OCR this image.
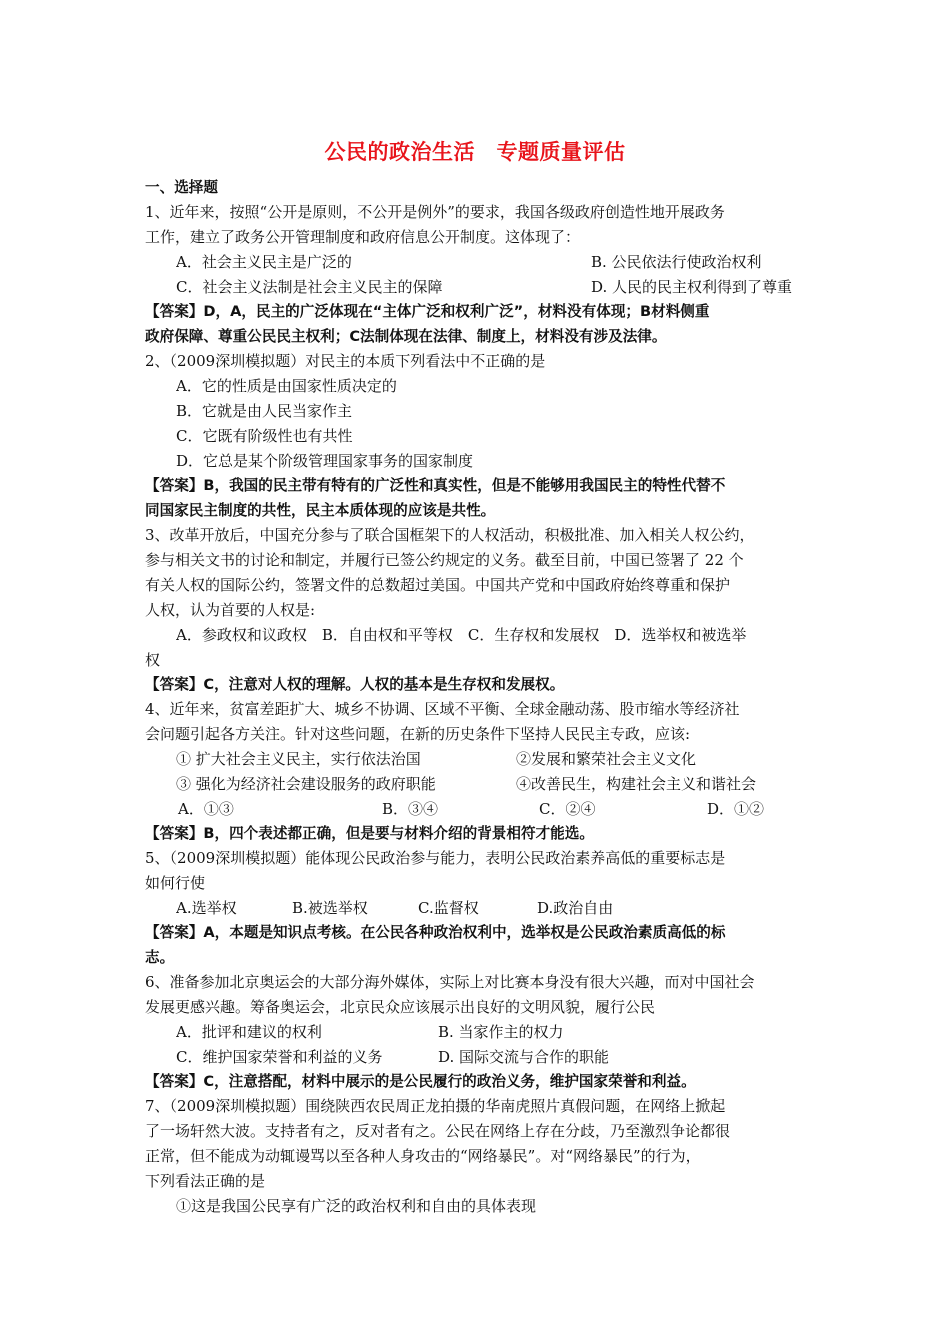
公民的政治生活　专题质量评估
一、选择题
1、近年来，按照“公开是原则，不公开是例外”的要求，我国各级政府创造性地开展政务
工作，建立了政务公开管理制度和政府信息公开制度。这体现了：
A．社会主义民主是广泛的	B. 公民依法行使政治权利
C．社会主义法制是社会主义民主的保障	D. 人民的民主权利得到了尊重
【答案】D，A，民主的广泛体现在“主体广泛和权利广泛”，材料没有体现；B材料侧重
政府保障、尊重公民民主权利；C法制体现在法律、制度上，材料没有涉及法律。
2、（2009深圳模拟题）对民主的本质下列看法中不正确的是
A．它的性质是由国家性质决定的
B．它就是由人民当家作主
C．它既有阶级性也有共性
D．它总是某个阶级管理国家事务的国家制度
【答案】B，我国的民主带有特有的广泛性和真实性，但是不能够用我国民主的特性代替不
同国家民主制度的共性，民主本质体现的应该是共性。
3、改革开放后，中国充分参与了联合国框架下的人权活动，积极批准、加入相关人权公约，
参与相关文书的讨论和制定，并履行已签公约规定的义务。截至目前，中国已签署了 22 个
有关人权的国际公约，签署文件的总数超过美国。中国共产党和中国政府始终尊重和保护
人权，认为首要的人权是:
A．参政权和议政权　B．自由权和平等权　C．生存权和发展权　D．选举权和被选举
权
【答案】C，注意对人权的理解。人权的基本是生存权和发展权。
4、近年来，贫富差距扩大、城乡不协调、区域不平衡、全球金融动荡、股市缩水等经济社
会问题引起各方关注。针对这些问题，在新的历史条件下坚持人民民主专政，应该:
① 扩大社会主义民主，实行依法治国	②发展和繁荣社会主义文化
③ 强化为经济社会建设服务的政府职能	④改善民生，构建社会主义和谐社会
A．①③	B．③④	C．②④	D．①②
【答案】B，四个表述都正确，但是要与材料介绍的背景相符才能选。
5、（2009深圳模拟题）能体现公民政治参与能力，表明公民政治素养高低的重要标志是
如何行使
A.选举权	B.被选举权	C.监督权	D.政治自由
【答案】A，本题是知识点考核。在公民各种政治权利中，选举权是公民政治素质高低的标
志。
6、准备参加北京奥运会的大部分海外媒体，实际上对比赛本身没有很大兴趣，而对中国社会
发展更感兴趣。筹备奥运会，北京民众应该展示出良好的文明风貌，履行公民
A．批评和建议的权利	B. 当家作主的权力
C．维护国家荣誉和利益的义务	D. 国际交流与合作的职能
【答案】C，注意搭配，材料中展示的是公民履行的政治义务，维护国家荣誉和利益。
7、（2009深圳模拟题）围绕陕西农民周正龙拍摄的华南虎照片真假问题，在网络上掀起
了一场轩然大波。支持者有之，反对者有之。公民在网络上存在分歧，乃至激烈争论都很
正常，但不能成为动辄谩骂以至各种人身攻击的“网络暴民”。对“网络暴民”的行为，
下列看法正确的是
①这是我国公民享有广泛的政治权利和自由的具体表现
